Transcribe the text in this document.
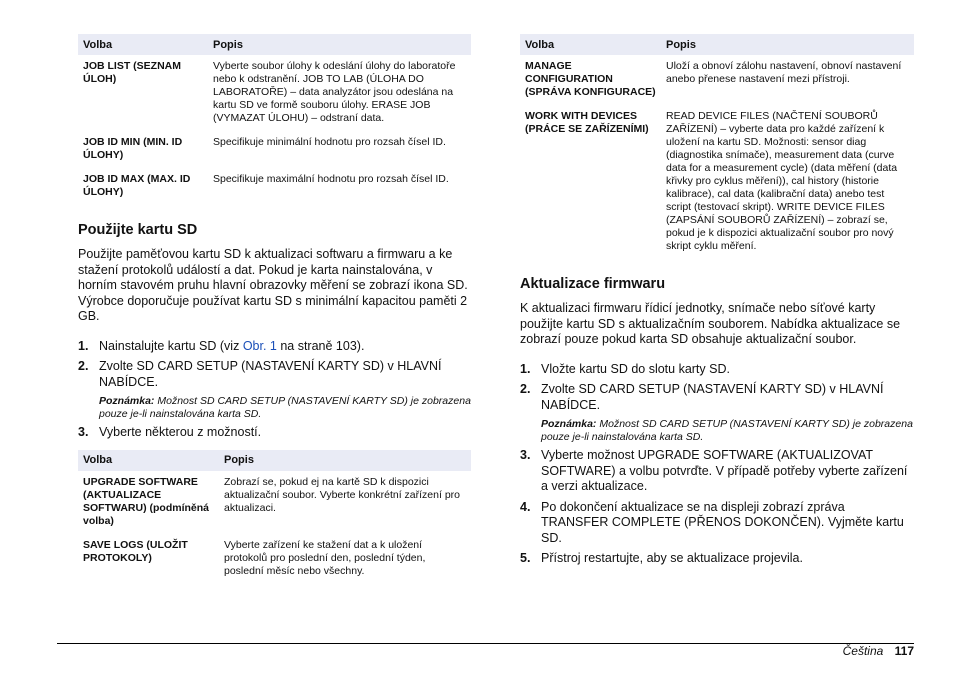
Volba	Popis
JOB LIST (SEZNAM ÚLOH)	Vyberte soubor úlohy k odeslání úlohy do laboratoře nebo k odstranění. JOB TO LAB (ÚLOHA DO LABORATOŘE) – data analyzátor jsou odeslána na kartu SD ve formě souboru úlohy. ERASE JOB (VYMAZAT ÚLOHU) – odstraní data.
JOB ID MIN (MIN. ID ÚLOHY)	Specifikuje minimální hodnotu pro rozsah čísel ID.
JOB ID MAX (MAX. ID ÚLOHY)	Specifikuje maximální hodnotu pro rozsah čísel ID.
Použijte kartu SD

Použijte paměťovou kartu SD k aktualizaci softwaru a firmwaru a ke stažení protokolů událostí a dat. Pokud je karta nainstalována, v horním stavovém pruhu hlavní obrazovky měření se zobrazí ikona SD. Výrobce doporučuje používat kartu SD s minimální kapacitou paměti 2 GB.

1. Nainstalujte kartu SD (viz Obr. 1 na straně 103).
2. Zvolte SD CARD SETUP (NASTAVENÍ KARTY SD) v HLAVNÍ NABÍDCE.

Poznámka: Možnost SD CARD SETUP (NASTAVENÍ KARTY SD) je zobrazena pouze je-li nainstalována karta SD.

3. Vyberte některou z možností.
Volba	Popis
UPGRADE SOFTWARE (AKTUALIZACE SOFTWARU) (podmíněná volba)	Zobrazí se, pokud ej na kartě SD k dispozici aktualizační soubor. Vyberte konkrétní zařízení pro aktualizaci.
SAVE LOGS (ULOŽIT PROTOKOLY)	Vyberte zařízení ke stažení dat a k uložení protokolů pro poslední den, poslední týden, poslední měsíc nebo všechny.
Volba	Popis
MANAGE CONFIGURATION (SPRÁVA KONFIGURACE)	Uloží a obnoví zálohu nastavení, obnoví nastavení anebo přenese nastavení mezi přístroji.
WORK WITH DEVICES (PRÁCE SE ZAŘÍZENÍMI)	READ DEVICE FILES (NAČTENÍ SOUBORŮ ZAŘÍZENÍ) – vyberte data pro každé zařízení k uložení na kartu SD. Možnosti: sensor diag (diagnostika snímače), measurement data (curve data for a measurement cycle) (data měření (data křivky pro cyklus měření)), cal history (historie kalibrace), cal data (kalibrační data) anebo test script (testovací skript). WRITE DEVICE FILES (ZAPSÁNÍ SOUBORŮ ZAŘÍZENÍ) – zobrazí se, pokud je k dispozici aktualizační soubor pro nový skript cyklu měření.
Aktualizace firmwaru

K aktualizaci firmwaru řídicí jednotky, snímače nebo síťové karty použijte kartu SD s aktualizačním souborem. Nabídka aktualizace se zobrazí pouze pokud karta SD obsahuje aktualizační soubor.

1. Vložte kartu SD do slotu karty SD.
2. Zvolte SD CARD SETUP (NASTAVENÍ KARTY SD) v HLAVNÍ NABÍDCE.

Poznámka: Možnost SD CARD SETUP (NASTAVENÍ KARTY SD) je zobrazena pouze je-li nainstalována karta SD.

3. Vyberte možnost UPGRADE SOFTWARE (AKTUALIZOVAT SOFTWARE) a volbu potvrďte. V případě potřeby vyberte zařízení a verzi aktualizace.
4. Po dokončení aktualizace se na displeji zobrazí zpráva TRANSFER COMPLETE (PŘENOS DOKONČEN). Vyjměte kartu SD.
5. Přístroj restartujte, aby se aktualizace projevila.
Čeština 117
